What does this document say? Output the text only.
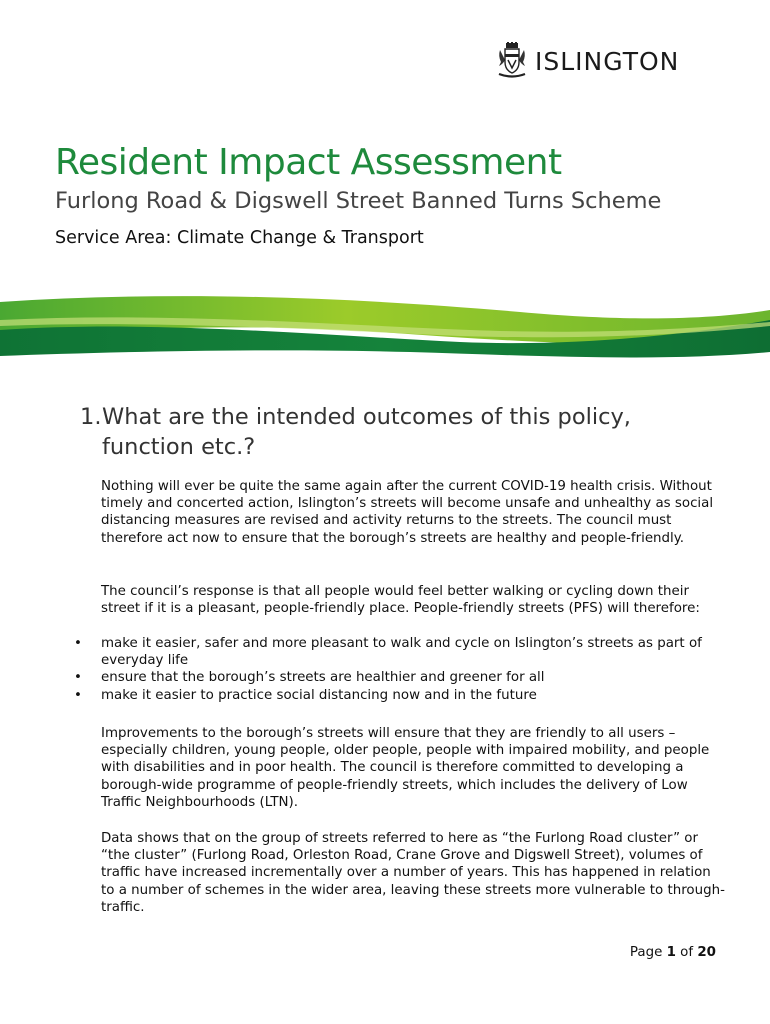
ISLINGTON
Resident Impact Assessment
Furlong Road & Digswell Street Banned Turns Scheme

Service Area: Climate Change & Transport

1. What are the intended outcomes of this policy, function etc.?

Nothing will ever be quite the same again after the current COVID-19 health crisis. Without timely and concerted action, Islington’s streets will become unsafe and unhealthy as social distancing measures are revised and activity returns to the streets. The council must therefore act now to ensure that the borough’s streets are healthy and people-friendly.

The council’s response is that all people would feel better walking or cycling down their street if it is a pleasant, people-friendly place. People-friendly streets (PFS) will therefore:

• make it easier, safer and more pleasant to walk and cycle on Islington’s streets as part of everyday life
• ensure that the borough’s streets are healthier and greener for all
• make it easier to practice social distancing now and in the future

Improvements to the borough’s streets will ensure that they are friendly to all users – especially children, young people, older people, people with impaired mobility, and people with disabilities and in poor health. The council is therefore committed to developing a borough-wide programme of people-friendly streets, which includes the delivery of Low Traffic Neighbourhoods (LTN).

Data shows that on the group of streets referred to here as “the Furlong Road cluster” or “the cluster” (Furlong Road, Orleston Road, Crane Grove and Digswell Street), volumes of traffic have increased incrementally over a number of years. This has happened in relation to a number of schemes in the wider area, leaving these streets more vulnerable to through-traffic.

Page 1 of 20
